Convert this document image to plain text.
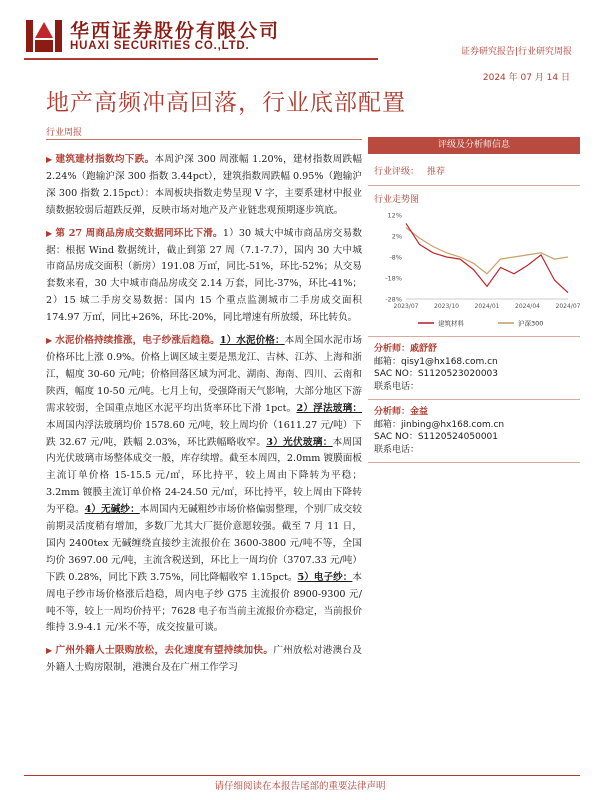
华西证券股份有限公司
HUAXI SECURITIES CO.,LTD.	证券研究报告|行业研究周报
2024 年 07 月 14 日
地产高频冲高回落，行业底部配置
行业周报

▶ 建筑建材指数均下跌。本周沪深 300 周涨幅 1.20%，建材指数周跌幅 2.24%（跑输沪深 300 指数 3.44pct），建筑指数周跌幅 0.95%（跑输沪深 300 指数 2.15pct）：本周板块指数走势呈现 V 字，主要系建材中报业绩数据较弱后超跌反弹，反映市场对地产及产业链悲观预期逐步筑底。

▶ 第 27 周商品房成交数据同环比下滑。1）30 城大中城市商品房交易数据：根据 Wind 数据统计，截止到第 27 周（7.1-7.7），国内 30 大中城市商品房成交面积（新房）191.08 万㎡，同比-51%，环比-52%；从交易套数来看，30 大中城市商品房成交 2.14 万套，同比-37%，环比-41%；2）15 城二手房交易数据：国内 15 个重点监测城市二手房成交面积 174.97 万㎡，同比+26%，环比-20%，同比增速有所放缓，环比转负。

▶ 水泥价格持续推涨，电子纱涨后趋稳。1）水泥价格：本周全国水泥市场价格环比上涨 0.9%。价格上调区域主要是黑龙江、吉林、江苏、上海和浙江，幅度 30-60 元/吨；价格回落区域为河北、湖南、海南、四川、云南和陕西，幅度 10-50 元/吨。七月上旬，受强降雨天气影响，大部分地区下游需求较弱，全国重点地区水泥平均出货率环比下滑 1pct。2）浮法玻璃：本周国内浮法玻璃均价 1578.60 元/吨，较上周均价（1611.27 元/吨）下跌 32.67 元/吨，跌幅 2.03%，环比跌幅略收窄。3）光伏玻璃：本周国内光伏玻璃市场整体成交一般，库存续增。截至本周四，2.0mm 镀膜面板主流订单价格 15-15.5 元/㎡，环比持平，较上周由下降转为平稳；3.2mm 镀膜主流订单价格 24-24.50 元/㎡，环比持平，较上周由下降转为平稳。4）无碱纱：本周国内无碱粗纱市场价格偏弱整理，个别厂成交较前期灵活度稍有增加，多数厂尤其大厂挺价意愿较强。截至 7 月 11 日，国内 2400tex 无碱缠绕直接纱主流报价在 3600-3800 元/吨不等，全国均价 3697.00 元/吨，主流含税送到，环比上一周均价（3707.33 元/吨）下跌 0.28%，同比下跌 3.75%，同比降幅收窄 1.15pct。5）电子纱：本周电子纱市场价格涨后趋稳，周内电子纱 G75 主流报价 8900-9300 元/吨不等，较上一周均价持平；7628 电子布当前主流报价亦稳定，当前报价维持 3.9-4.1 元/米不等，成交按量可谈。

▶ 广州外籍人士限购放松，去化速度有望持续加快。广州放松对港澳台及外籍人士购房限制，港澳台及在广州工作学习

评级及分析师信息
行业评级： 推荐
行业走势图
12%
2%
-8%
-18%
-28%
2023/07	2023/10	2024/01	2024/04	2024/07
建筑材料	沪深300
分析师：戚舒舒
邮箱：qisy1@hx168.com.cn
SAC NO：S1120523020003
联系电话：
分析师：金益
邮箱：jinbing@hx168.com.cn
SAC NO：S1120524050001
联系电话：
请仔细阅读在本报告尾部的重要法律声明
